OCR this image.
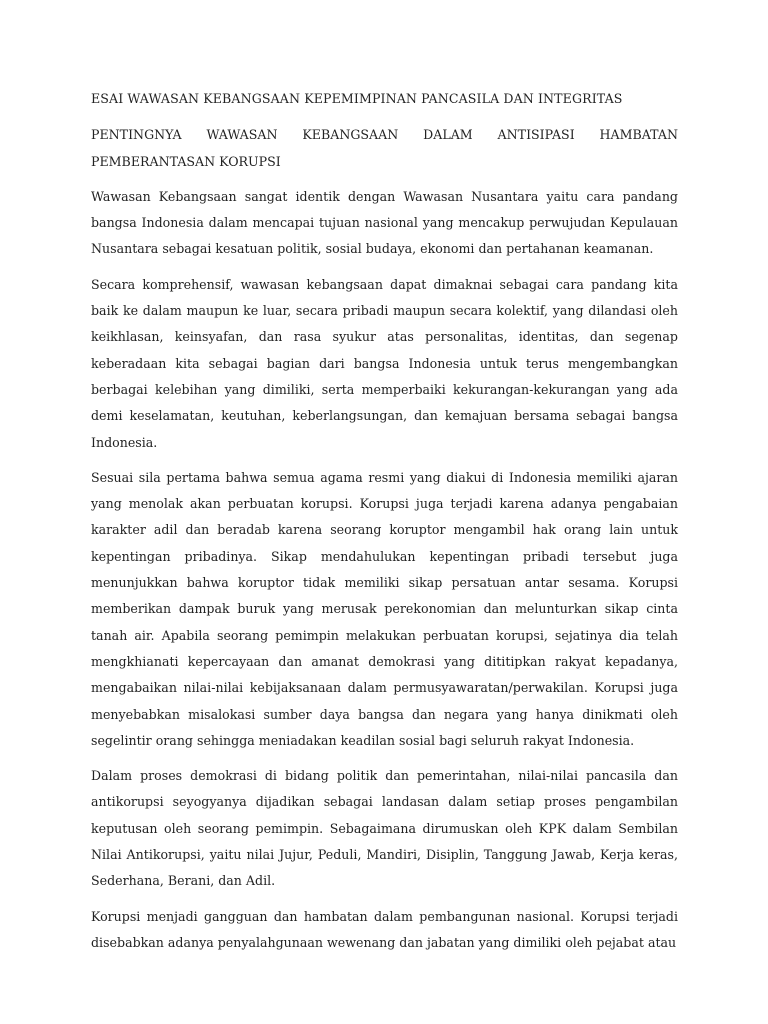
ESAI WAWASAN KEBANGSAAN KEPEMIMPINAN PANCASILA DAN INTEGRITAS
PENTINGNYA WAWASAN KEBANGSAAN DALAM ANTISIPASI HAMBATAN PEMBERANTASAN KORUPSI

Wawasan Kebangsaan sangat identik dengan Wawasan Nusantara yaitu cara pandang bangsa Indonesia dalam mencapai tujuan nasional yang mencakup perwujudan Kepulauan Nusantara sebagai kesatuan politik, sosial budaya, ekonomi dan pertahanan keamanan.

Secara komprehensif, wawasan kebangsaan dapat dimaknai sebagai cara pandang kita baik ke dalam maupun ke luar, secara pribadi maupun secara kolektif, yang dilandasi oleh keikhlasan, keinsyafan, dan rasa syukur atas personalitas, identitas, dan segenap keberadaan kita sebagai bagian dari bangsa Indonesia untuk terus mengembangkan berbagai kelebihan yang dimiliki, serta memperbaiki kekurangan-kekurangan yang ada demi keselamatan, keutuhan, keberlangsungan, dan kemajuan bersama sebagai bangsa Indonesia.

Sesuai sila pertama bahwa semua agama resmi yang diakui di Indonesia memiliki ajaran yang menolak akan perbuatan korupsi. Korupsi juga terjadi karena adanya pengabaian karakter adil dan beradab karena seorang koruptor mengambil hak orang lain untuk kepentingan pribadinya. Sikap mendahulukan kepentingan pribadi tersebut juga menunjukkan bahwa koruptor tidak memiliki sikap persatuan antar sesama. Korupsi memberikan dampak buruk yang merusak perekonomian dan melunturkan sikap cinta tanah air. Apabila seorang pemimpin melakukan perbuatan korupsi, sejatinya dia telah mengkhianati kepercayaan dan amanat demokrasi yang dititipkan rakyat kepadanya, mengabaikan nilai-nilai kebijaksanaan dalam permusyawaratan/perwakilan. Korupsi juga menyebabkan misalokasi sumber daya bangsa dan negara yang hanya dinikmati oleh segelintir orang sehingga meniadakan keadilan sosial bagi seluruh rakyat Indonesia.

Dalam proses demokrasi di bidang politik dan pemerintahan, nilai-nilai pancasila dan antikorupsi seyogyanya dijadikan sebagai landasan dalam setiap proses pengambilan keputusan oleh seorang pemimpin. Sebagaimana dirumuskan oleh KPK dalam Sembilan Nilai Antikorupsi, yaitu nilai Jujur, Peduli, Mandiri, Disiplin, Tanggung Jawab, Kerja keras, Sederhana, Berani, dan Adil.

Korupsi menjadi gangguan dan hambatan dalam pembangunan nasional. Korupsi terjadi disebabkan adanya penyalahgunaan wewenang dan jabatan yang dimiliki oleh pejabat atau
